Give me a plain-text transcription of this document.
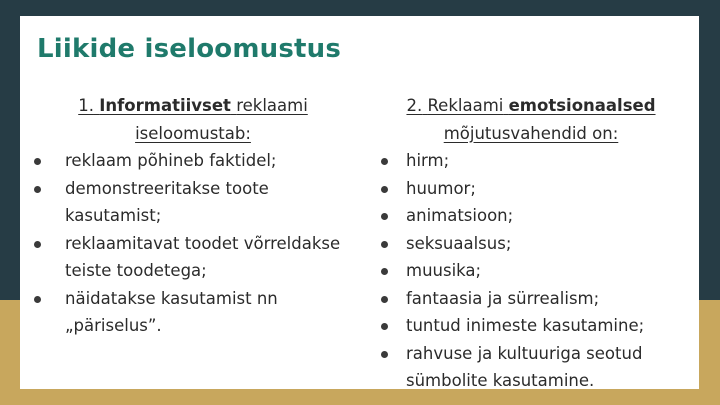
Liikide iseloomustus
1. Informatiivset reklaami iseloomustab:
reklaam põhineb faktidel;
demonstreeritakse toote kasutamist;
reklaamitavat toodet võrreldakse teiste toodetega;
näidatakse kasutamist nn „päriselus”.
2. Reklaami emotsionaalsed mõjutusvahendid on:
hirm;
huumor;
animatsioon;
seksuaalsus;
muusika;
fantaasia ja sürrealism;
tuntud inimeste kasutamine;
rahvuse ja kultuuriga seotud sümbolite kasutamine.
